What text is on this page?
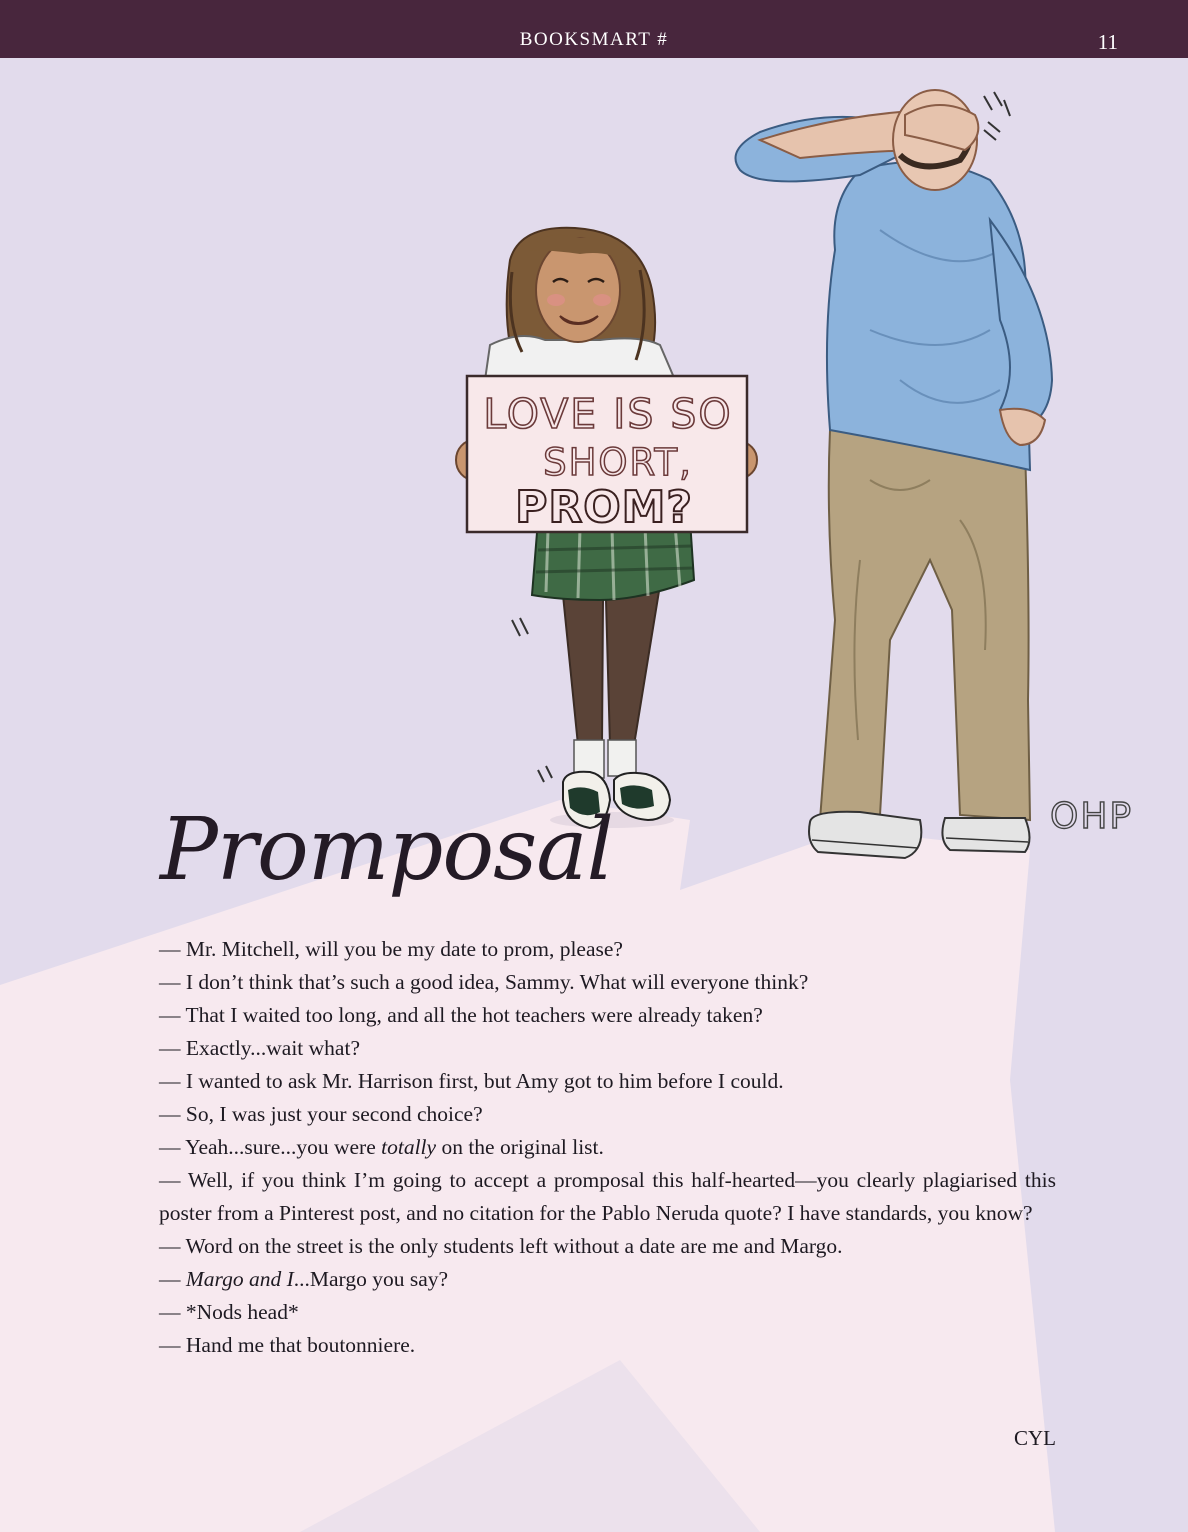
BOOKSMART #	11
LOVE IS SO
SHORT,
PROM?
OHP
Promposal

— Mr. Mitchell, will you be my date to prom, please?

— I don’t think that’s such a good idea, Sammy. What will everyone think?

— That I waited too long, and all the hot teachers were already taken?

— Exactly...wait what?

— I wanted to ask Mr. Harrison first, but Amy got to him before I could.

— So, I was just your second choice?

— Yeah...sure...you were totally on the original list.

— Well, if you think I’m going to accept a promposal this half-hearted—you clearly plagiarised this poster from a Pinterest post, and no citation for the Pablo Neruda quote? I have standards, you know?

— Word on the street is the only students left without a date are me and Margo.

— Margo and I...Margo you say?

— *Nods head*

— Hand me that boutonniere.

CYL
